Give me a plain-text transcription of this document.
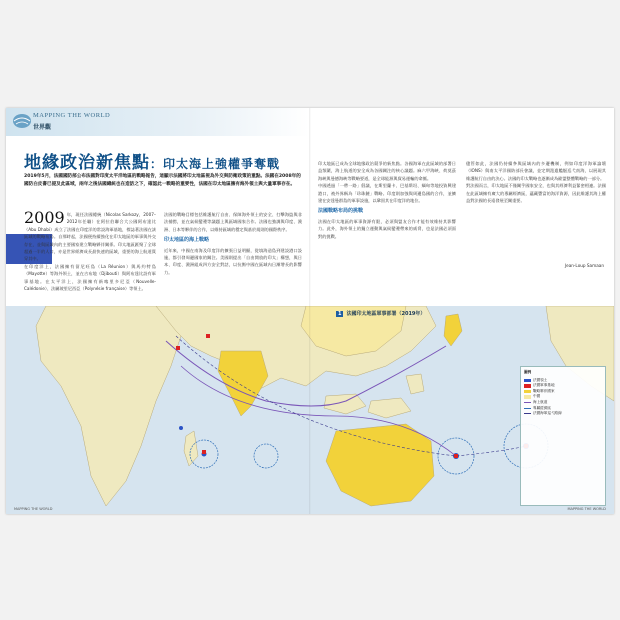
MAPPING THE WORLD
世界觀
地緣政治新焦點：印太海上強權爭奪戰
2019年5月，法國國防部公布法國對印度太平洋地區的戰略報告，這顯示法國將印太地區視為外交與防衛政策的重點。法國在2008年的國防白皮書已提及此區域，兩年之後法國總統也在造訪之下，確認此一戰略的重要性，法國在印太地區擁有海外領土與大量軍事存在。
2009 年，現任法國總統（Nicolas Sarkozy，2007–2012年任職）在阿拉伯聯合大公國阿布達比（Abu Dhabi）成立了法國在印度洋的常設海軍基地，標誌著法國在該區域的戰略布局。自那時起，法國便持續強化在印太地區的軍事與外交存在，並與區域內的主要國家建立戰略夥伴關係。印太地區匯聚了全球超過一半的人口，亦是世界經濟成長最快速的區域，重要的海上航道貫穿其中。
在印度洋上，法國擁有留尼旺島（La Réunion）與馬約特島（Mayotte）等海外領土，並在吉布地（Djibouti）與阿布達比設有軍事基地。在太平洋上，法國擁有新喀里多尼亞（Nouvelle-Calédonie）、法屬玻里尼西亞（Polynésie française）等領土。
法國的戰略目標包括維護航行自由、保障海外領土的安全、打擊海盜與非法捕撈，並在氣候變遷等議題上與區域國家合作。法國也強調與印度、澳洲、日本等夥伴的合作，以維持區域的穩定與基於規則的國際秩序。
印太地區的海上戰略
近年來，中國在南海及印度洋的擴張日益明顯，從填海造島到建設港口設施，都引發周邊國家的關注。美國則提出「自由開放的印太」構想，與日本、印度、澳洲組成四方安全對話，以抗衡中國在區域內日漸增長的影響力。
印太地區已成為全球地緣政治競爭的新焦點。各國海軍在此區域的部署日益頻繁，海上航道的安全成為各國關注的核心議題。麻六甲海峽、荷莫茲海峽與曼德海峽等戰略要道，是全球能源與貿易運輸的命脈。
中國透過「一帶一路」倡議，在斯里蘭卡、巴基斯坦、緬甸等地投資興建港口，被外界稱為「珍珠鏈」戰略。印度則加強與周邊島國的合作，並擴建在安達曼群島的軍事設施，以鞏固其在印度洋的地位。
法國戰略布局的挑戰
法國在印太地區的軍事資源有限，必須與盟友合作才能有效維持其影響力。此外，海外領土的獨立運動與氣候變遷帶來的威脅，也是法國必須面對的挑戰。
儘管如此，法國仍持續參與區域內的多邊機制，例如印度洋海軍論壇（IONS）與南太平洋國防部長會議，並定期派遣艦艇巡弋南海，以展現其維護航行自由的決心。法國的印太戰略也逐漸成為歐盟整體戰略的一部分。
對法國而言，印太地區不僅關乎國家安全，也與其經濟利益緊密相連。法國在此區域擁有廣大的專屬經濟區，蘊藏豐富的海洋資源，因此維護其海上權益對法國的長遠發展至關重要。
Jean-Loup Samaan
1 法國印太地區軍事部署（2019年）
圖例
法國領土
法國軍事基地
戰略夥伴國家
中國
海上航道
專屬經濟區
法國海軍巡弋路線
MAPPING THE WORLD	MAPPING THE WORLD
